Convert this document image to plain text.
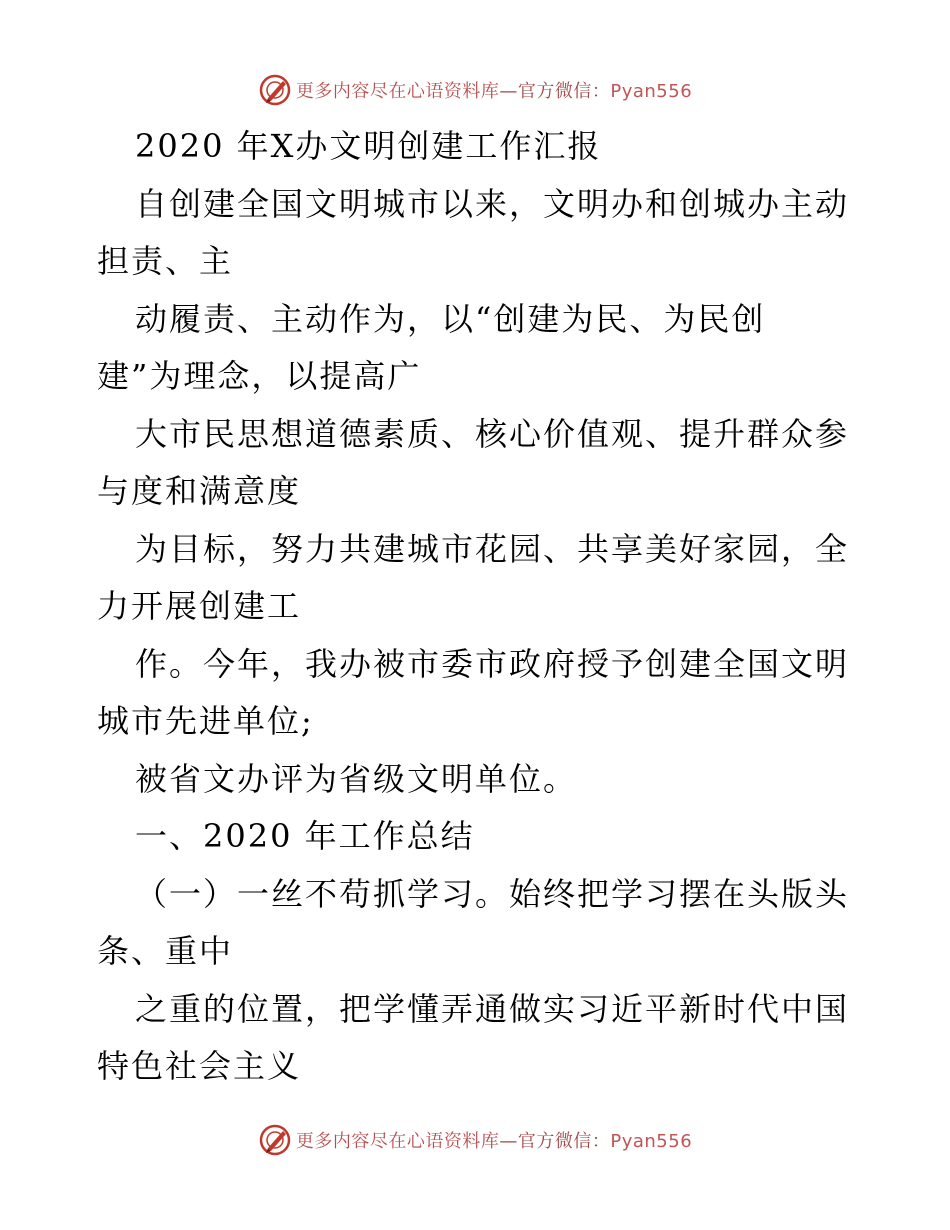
更多内容尽在心语资料库—官方微信：Pyan556
2020 年X办文明创建工作汇报
自创建全国文明城市以来，文明办和创城办主动
担责、主
动履责、主动作为，以“创建为民、为民创
建”为理念，以提高广
大市民思想道德素质、核心价值观、提升群众参
与度和满意度
为目标，努力共建城市花园、共享美好家园，全
力开展创建工
作。今年，我办被市委市政府授予创建全国文明
城市先进单位;
被省文办评为省级文明单位。
一、2020 年工作总结
（一）一丝不苟抓学习。始终把学习摆在头版头
条、重中
之重的位置，把学懂弄通做实习近平新时代中国
特色社会主义
更多内容尽在心语资料库—官方微信：Pyan556
